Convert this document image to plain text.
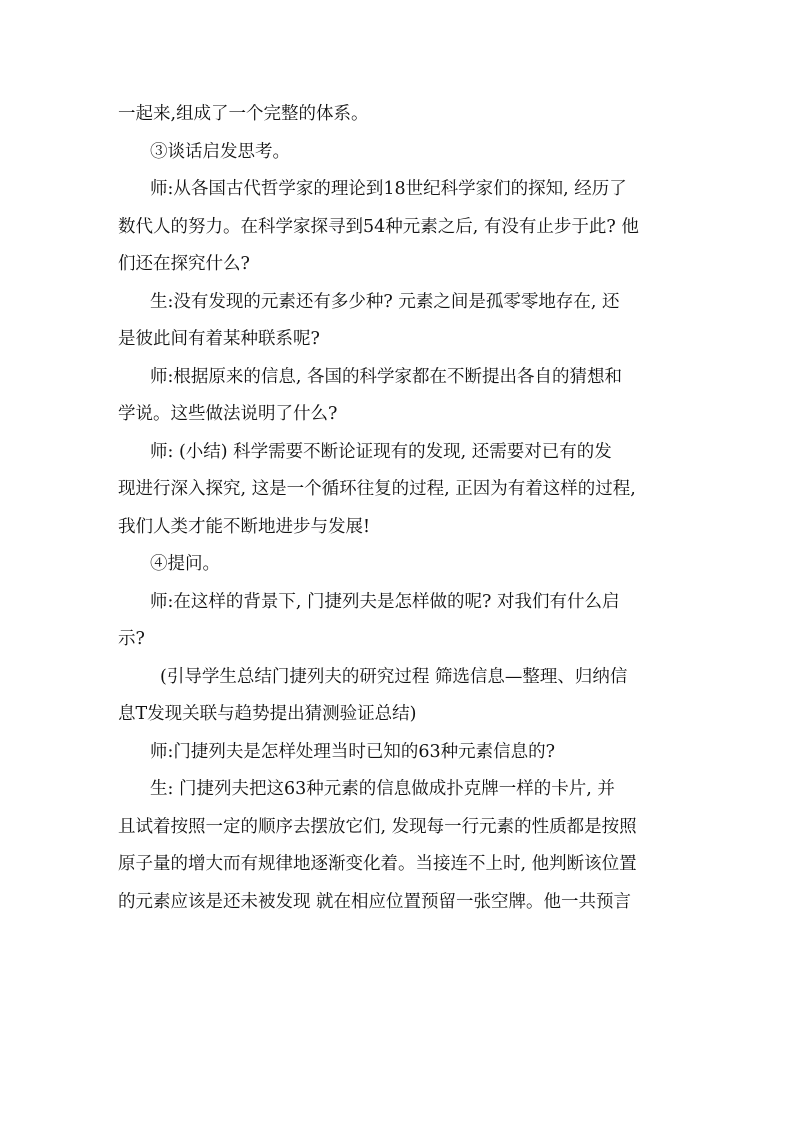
一起来,组成了一个完整的体系。

③谈话启发思考。

师:从各国古代哲学家的理论到18世纪科学家们的探知, 经历了
数代人的努力。在科学家探寻到54种元素之后, 有没有止步于此? 他
们还在探究什么?

生:没有发现的元素还有多少种? 元素之间是孤零零地存在, 还
是彼此间有着某种联系呢?

师:根据原来的信息, 各国的科学家都在不断提出各自的猜想和
学说。这些做法说明了什么?

师: (小结) 科学需要不断论证现有的发现, 还需要对已有的发
现进行深入探究, 这是一个循环往复的过程, 正因为有着这样的过程,
我们人类才能不断地进步与发展!

④提问。

师:在这样的背景下, 门捷列夫是怎样做的呢? 对我们有什么启
示?

(引导学生总结门捷列夫的研究过程 筛选信息—整理、归纳信
息T发现关联与趋势提出猜测验证总结)

师:门捷列夫是怎样处理当时已知的63种元素信息的?

生: 门捷列夫把这63种元素的信息做成扑克牌一样的卡片, 并
且试着按照一定的顺序去摆放它们, 发现每一行元素的性质都是按照
原子量的增大而有规律地逐渐变化着。当接连不上时, 他判断该位置
的元素应该是还未被发现 就在相应位置预留一张空牌。他一共预言
